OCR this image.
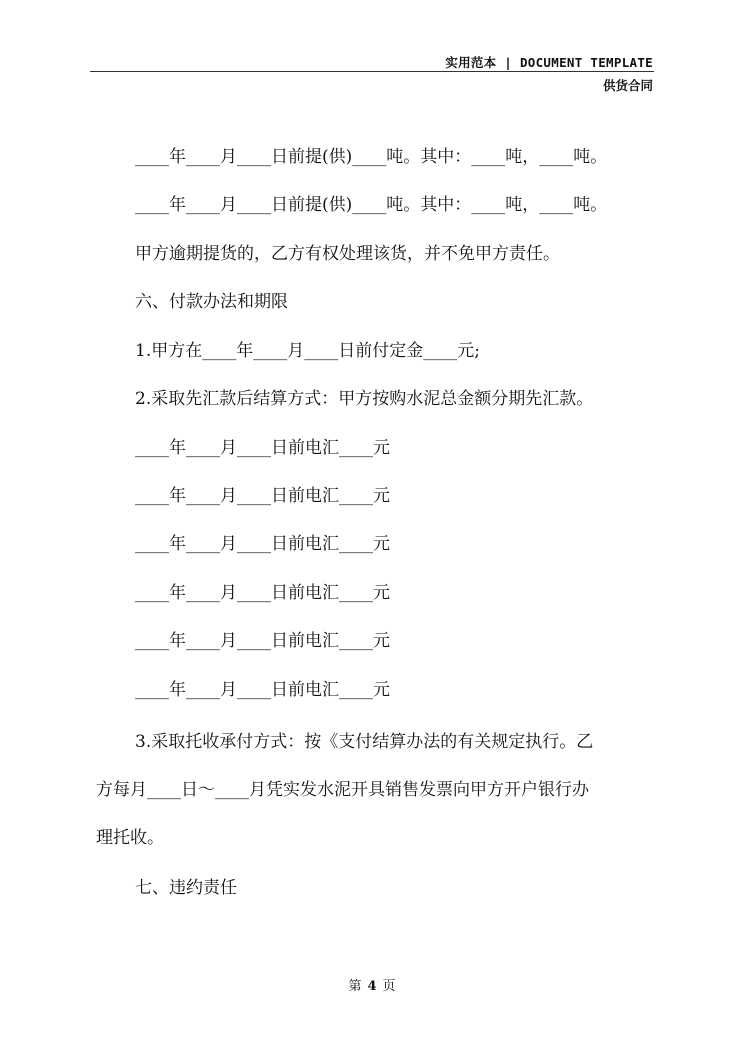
实用范本 | DOCUMENT TEMPLATE
供货合同
____年____月____日前提(供)____吨。其中：____吨，____吨。
____年____月____日前提(供)____吨。其中：____吨，____吨。
甲方逾期提货的，乙方有权处理该货，并不免甲方责任。
六、付款办法和期限
1.甲方在____年____月____日前付定金____元;
2.采取先汇款后结算方式：甲方按购水泥总金额分期先汇款。
____年____月____日前电汇____元
____年____月____日前电汇____元
____年____月____日前电汇____元
____年____月____日前电汇____元
____年____月____日前电汇____元
____年____月____日前电汇____元
3.采取托收承付方式：按《支付结算办法的有关规定执行。乙
方每月____日～____月凭实发水泥开具销售发票向甲方开户银行办
理托收。
七、违约责任
第 4 页
